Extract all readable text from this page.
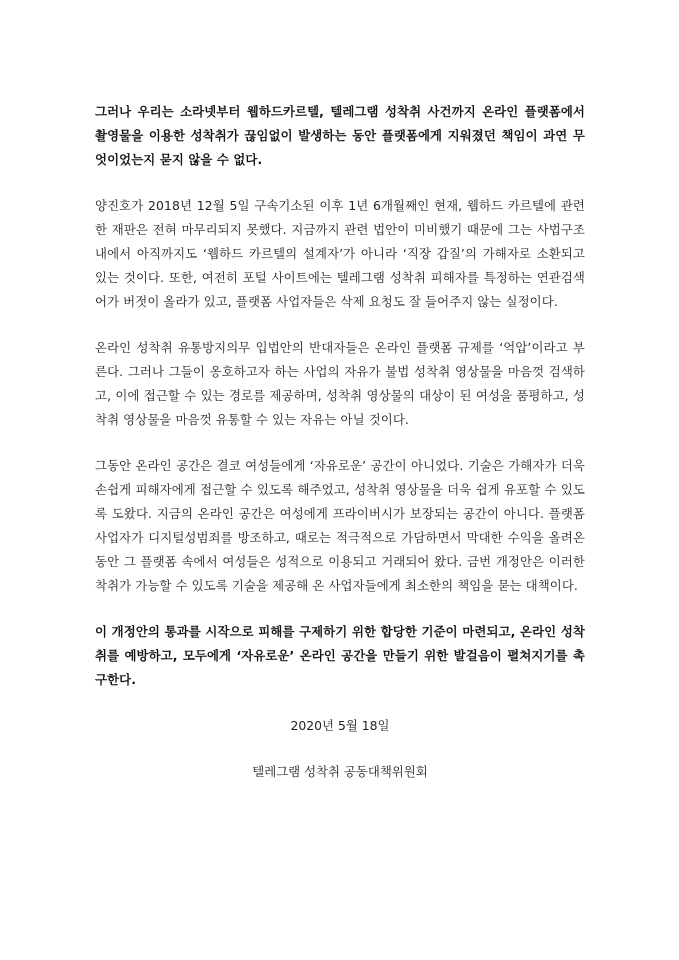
그러나 우리는 소라넷부터 웹하드카르텔, 텔레그램 성착취 사건까지 온라인 플랫폼에서 촬영물을 이용한 성착취가 끊임없이 발생하는 동안 플랫폼에게 지워졌던 책임이 과연 무엇이었는지 묻지 않을 수 없다.

양진호가 2018년 12월 5일 구속기소된 이후 1년 6개월째인 현재, 웹하드 카르텔에 관련한 재판은 전혀 마무리되지 못했다. 지금까지 관련 법안이 미비했기 때문에 그는 사법구조 내에서 아직까지도 ‘웹하드 카르텔의 설계자’가 아니라 ‘직장 갑질’의 가해자로 소환되고 있는 것이다. 또한, 여전히 포털 사이트에는 텔레그램 성착취 피해자를 특정하는 연관검색어가 버젓이 올라가 있고, 플랫폼 사업자들은 삭제 요청도 잘 들어주지 않는 실정이다.

온라인 성착취 유통방지의무 입법안의 반대자들은 온라인 플랫폼 규제를 ‘억압’이라고 부른다. 그러나 그들이 옹호하고자 하는 사업의 자유가 불법 성착취 영상물을 마음껏 검색하고, 이에 접근할 수 있는 경로를 제공하며, 성착취 영상물의 대상이 된 여성을 품평하고, 성착취 영상물을 마음껏 유통할 수 있는 자유는 아닐 것이다.

그동안 온라인 공간은 결코 여성들에게 ‘자유로운’ 공간이 아니었다. 기술은 가해자가 더욱 손쉽게 피해자에게 접근할 수 있도록 해주었고, 성착취 영상물을 더욱 쉽게 유포할 수 있도록 도왔다. 지금의 온라인 공간은 여성에게 프라이버시가 보장되는 공간이 아니다. 플랫폼 사업자가 디지털성범죄를 방조하고, 때로는 적극적으로 가담하면서 막대한 수익을 올려온 동안 그 플랫폼 속에서 여성들은 성적으로 이용되고 거래되어 왔다. 금번 개정안은 이러한 착취가 가능할 수 있도록 기술을 제공해 온 사업자들에게 최소한의 책임을 묻는 대책이다.

이 개정안의 통과를 시작으로 피해를 구제하기 위한 합당한 기준이 마련되고, 온라인 성착취를 예방하고, 모두에게 ‘자유로운’ 온라인 공간을 만들기 위한 발걸음이 펼쳐지기를 촉구한다.

2020년 5월 18일

텔레그램 성착취 공동대책위원회
